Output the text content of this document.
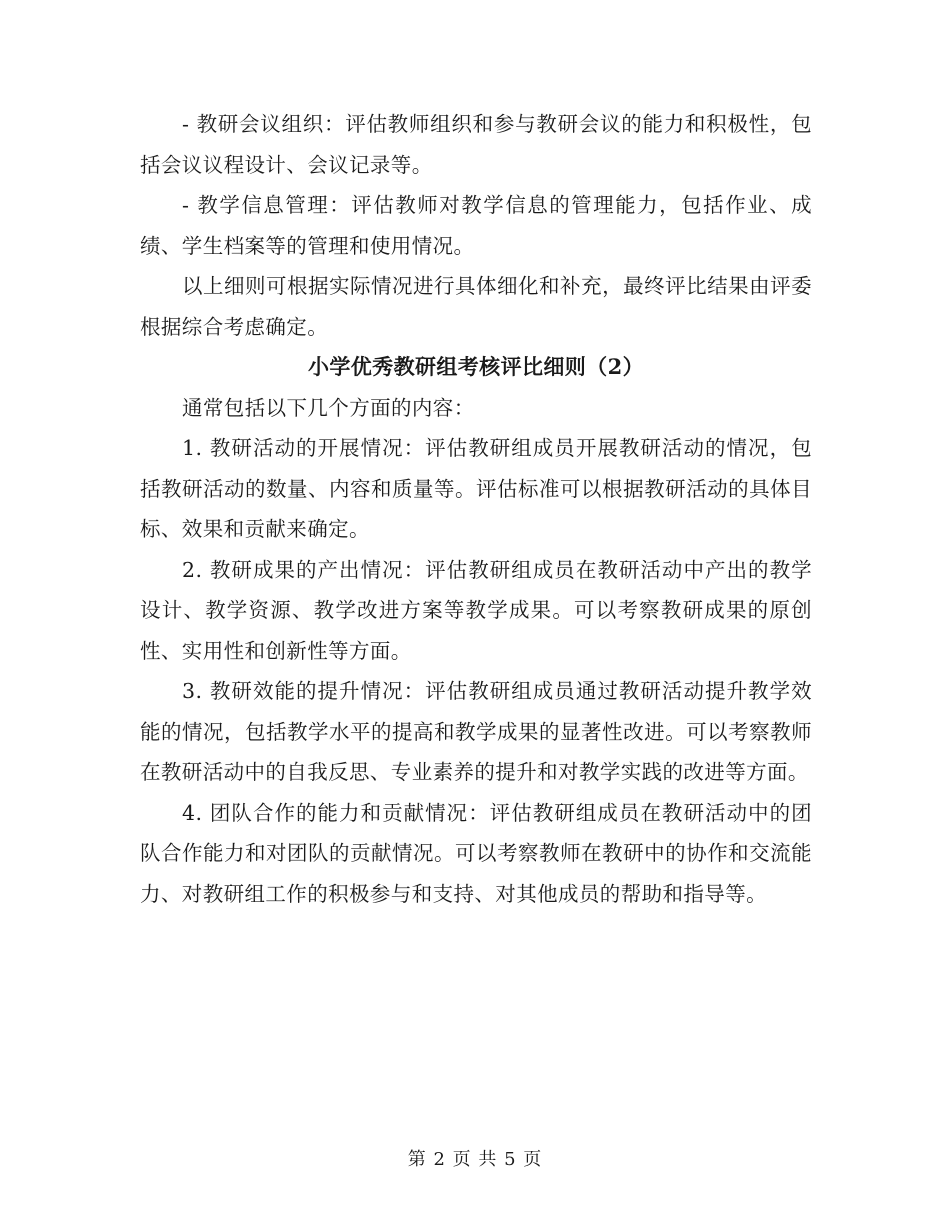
- 教研会议组织：评估教师组织和参与教研会议的能力和积极性，包括会议议程设计、会议记录等。

- 教学信息管理：评估教师对教学信息的管理能力，包括作业、成绩、学生档案等的管理和使用情况。

以上细则可根据实际情况进行具体细化和补充，最终评比结果由评委根据综合考虑确定。

小学优秀教研组考核评比细则（2）

通常包括以下几个方面的内容：

1. 教研活动的开展情况：评估教研组成员开展教研活动的情况，包括教研活动的数量、内容和质量等。评估标准可以根据教研活动的具体目标、效果和贡献来确定。

2. 教研成果的产出情况：评估教研组成员在教研活动中产出的教学设计、教学资源、教学改进方案等教学成果。可以考察教研成果的原创性、实用性和创新性等方面。

3. 教研效能的提升情况：评估教研组成员通过教研活动提升教学效能的情况，包括教学水平的提高和教学成果的显著性改进。可以考察教师在教研活动中的自我反思、专业素养的提升和对教学实践的改进等方面。

4. 团队合作的能力和贡献情况：评估教研组成员在教研活动中的团队合作能力和对团队的贡献情况。可以考察教师在教研中的协作和交流能力、对教研组工作的积极参与和支持、对其他成员的帮助和指导等。

第 2 页 共 5 页
